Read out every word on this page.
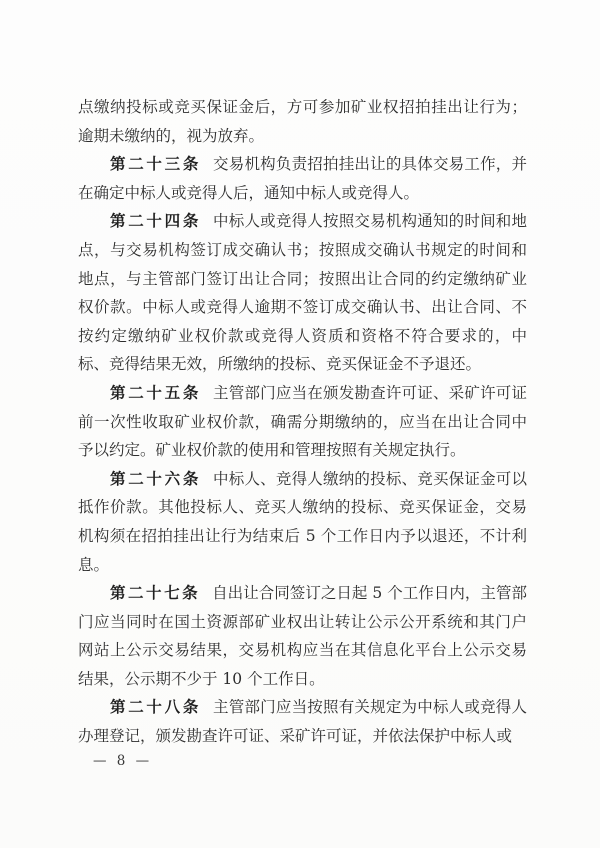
点缴纳投标或竞买保证金后，方可参加矿业权招拍挂出让行为；逾期未缴纳的，视为放弃。

第二十三条 交易机构负责招拍挂出让的具体交易工作，并在确定中标人或竞得人后，通知中标人或竞得人。

第二十四条 中标人或竞得人按照交易机构通知的时间和地点，与交易机构签订成交确认书；按照成交确认书规定的时间和地点，与主管部门签订出让合同；按照出让合同的约定缴纳矿业权价款。中标人或竞得人逾期不签订成交确认书、出让合同、不按约定缴纳矿业权价款或竞得人资质和资格不符合要求的，中标、竞得结果无效，所缴纳的投标、竞买保证金不予退还。

第二十五条 主管部门应当在颁发勘查许可证、采矿许可证前一次性收取矿业权价款，确需分期缴纳的，应当在出让合同中予以约定。矿业权价款的使用和管理按照有关规定执行。

第二十六条 中标人、竞得人缴纳的投标、竞买保证金可以抵作价款。其他投标人、竞买人缴纳的投标、竞买保证金，交易机构须在招拍挂出让行为结束后 5 个工作日内予以退还，不计利息。

第二十七条 自出让合同签订之日起 5 个工作日内，主管部门应当同时在国土资源部矿业权出让转让公示公开系统和其门户网站上公示交易结果，交易机构应当在其信息化平台上公示交易结果，公示期不少于 10 个工作日。

第二十八条 主管部门应当按照有关规定为中标人或竞得人办理登记，颁发勘查许可证、采矿许可证，并依法保护中标人或

— 8 —
